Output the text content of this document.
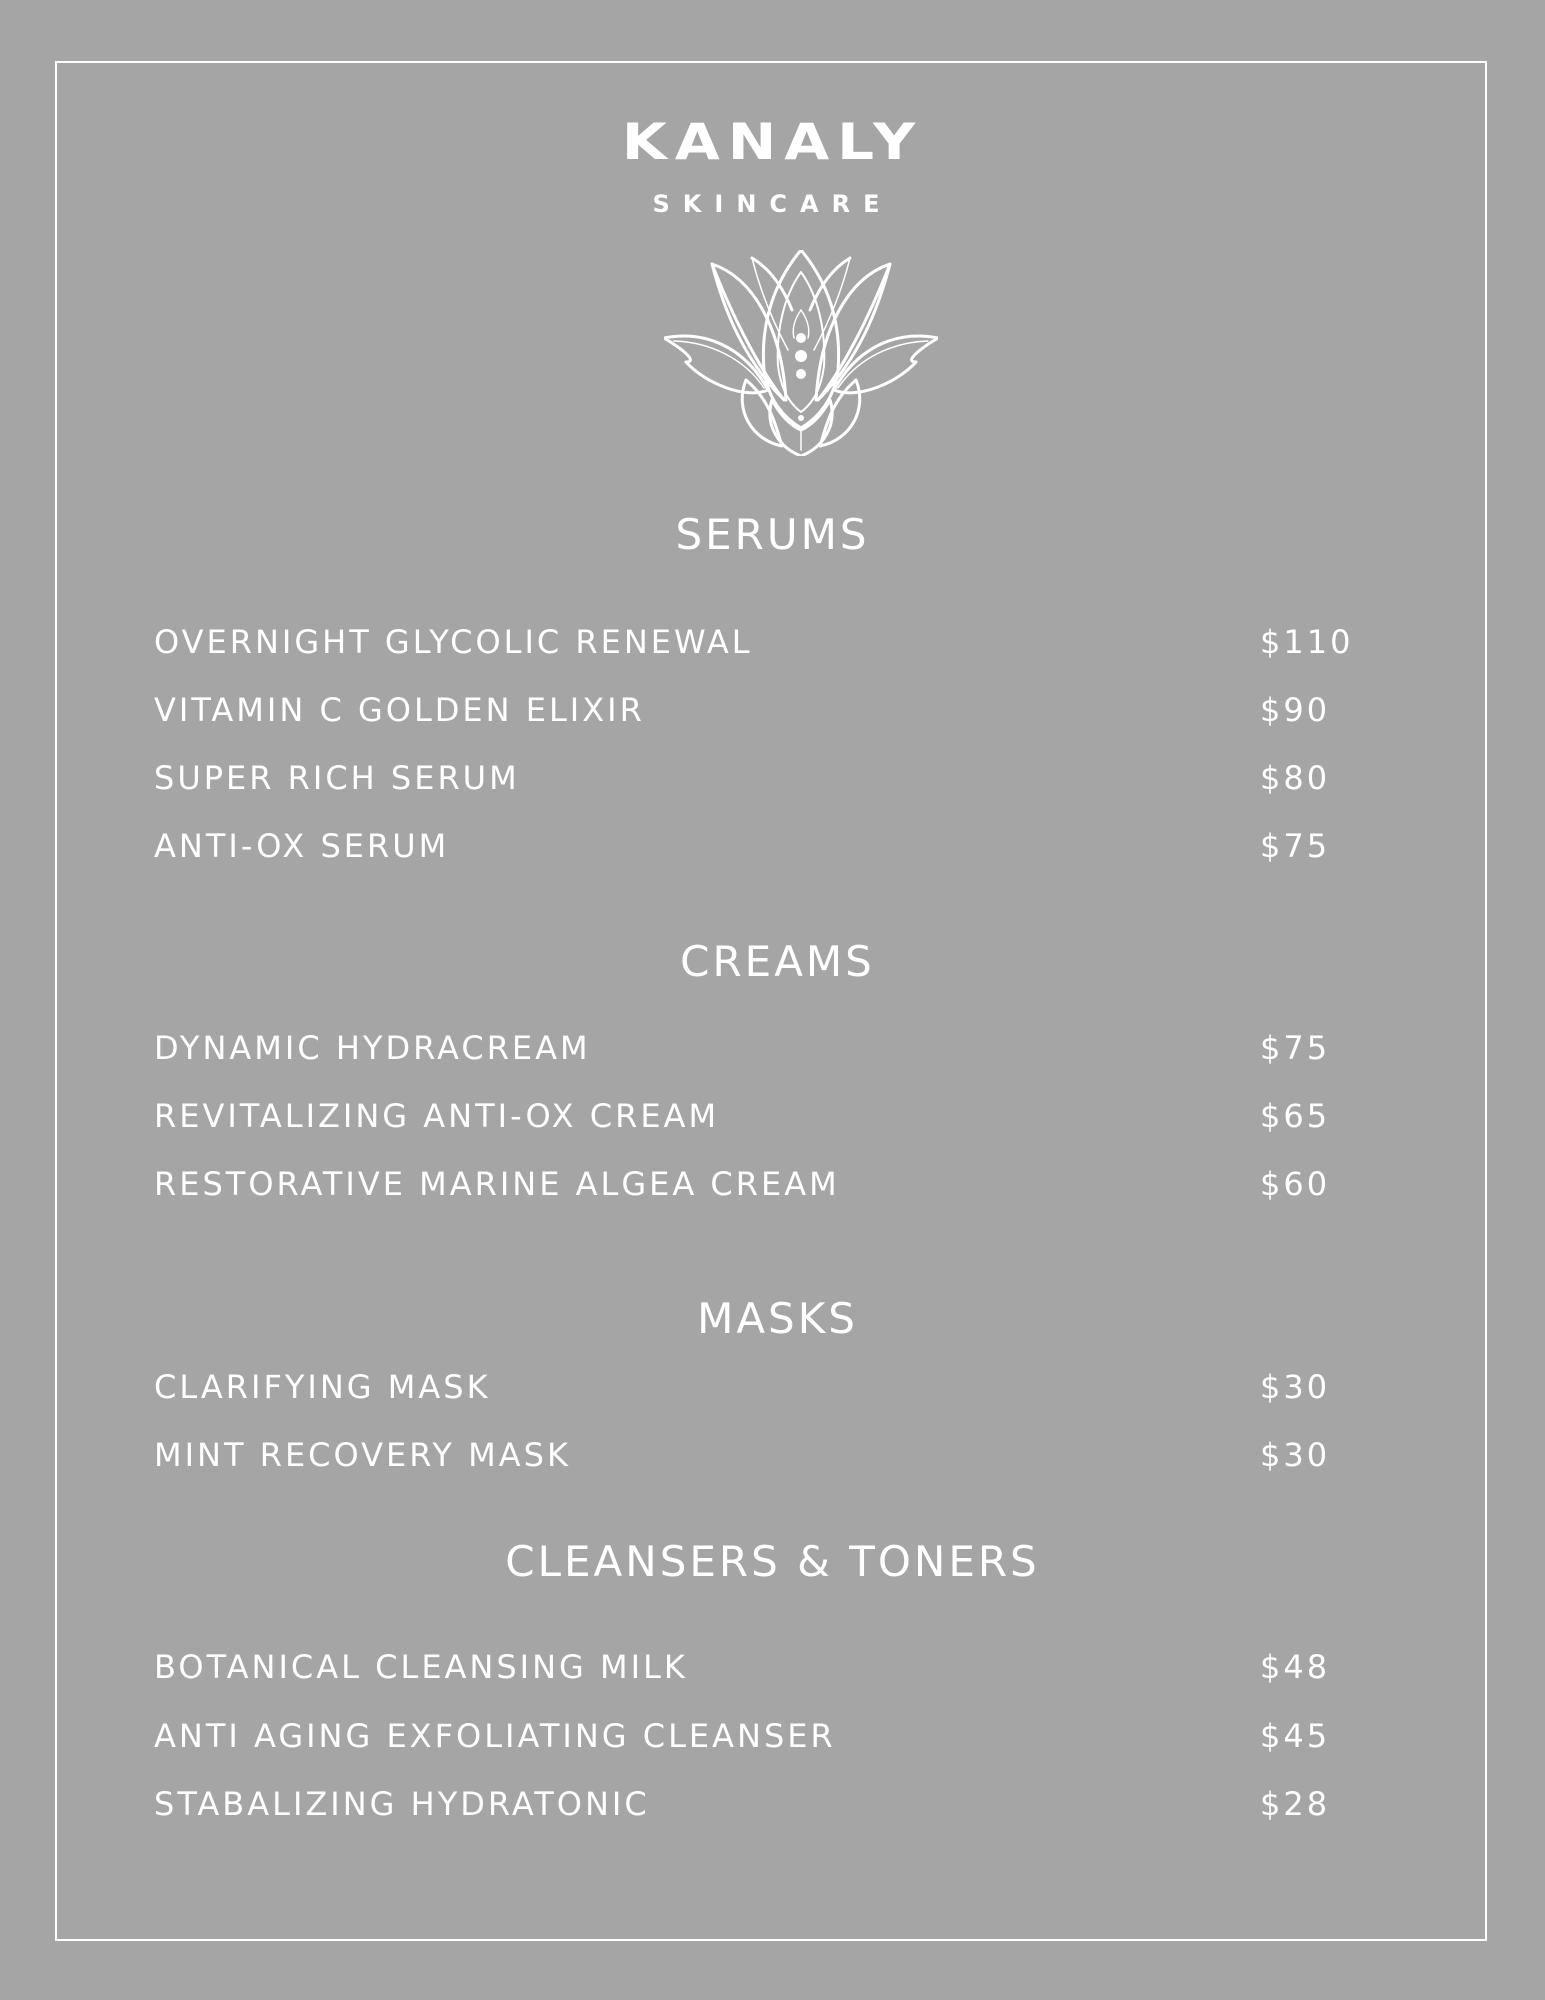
KANALY
SKINCARE
SERUMS
OVERNIGHT GLYCOLIC RENEWAL	$110
VITAMIN C GOLDEN ELIXIR	$90
SUPER RICH SERUM	$80
ANTI-OX SERUM	$75
CREAMS
DYNAMIC HYDRACREAM	$75
REVITALIZING ANTI-OX CREAM	$65
RESTORATIVE MARINE ALGEA CREAM	$60
MASKS
CLARIFYING MASK	$30
MINT RECOVERY MASK	$30
CLEANSERS & TONERS
BOTANICAL CLEANSING MILK	$48
ANTI AGING EXFOLIATING CLEANSER	$45
STABALIZING HYDRATONIC	$28
